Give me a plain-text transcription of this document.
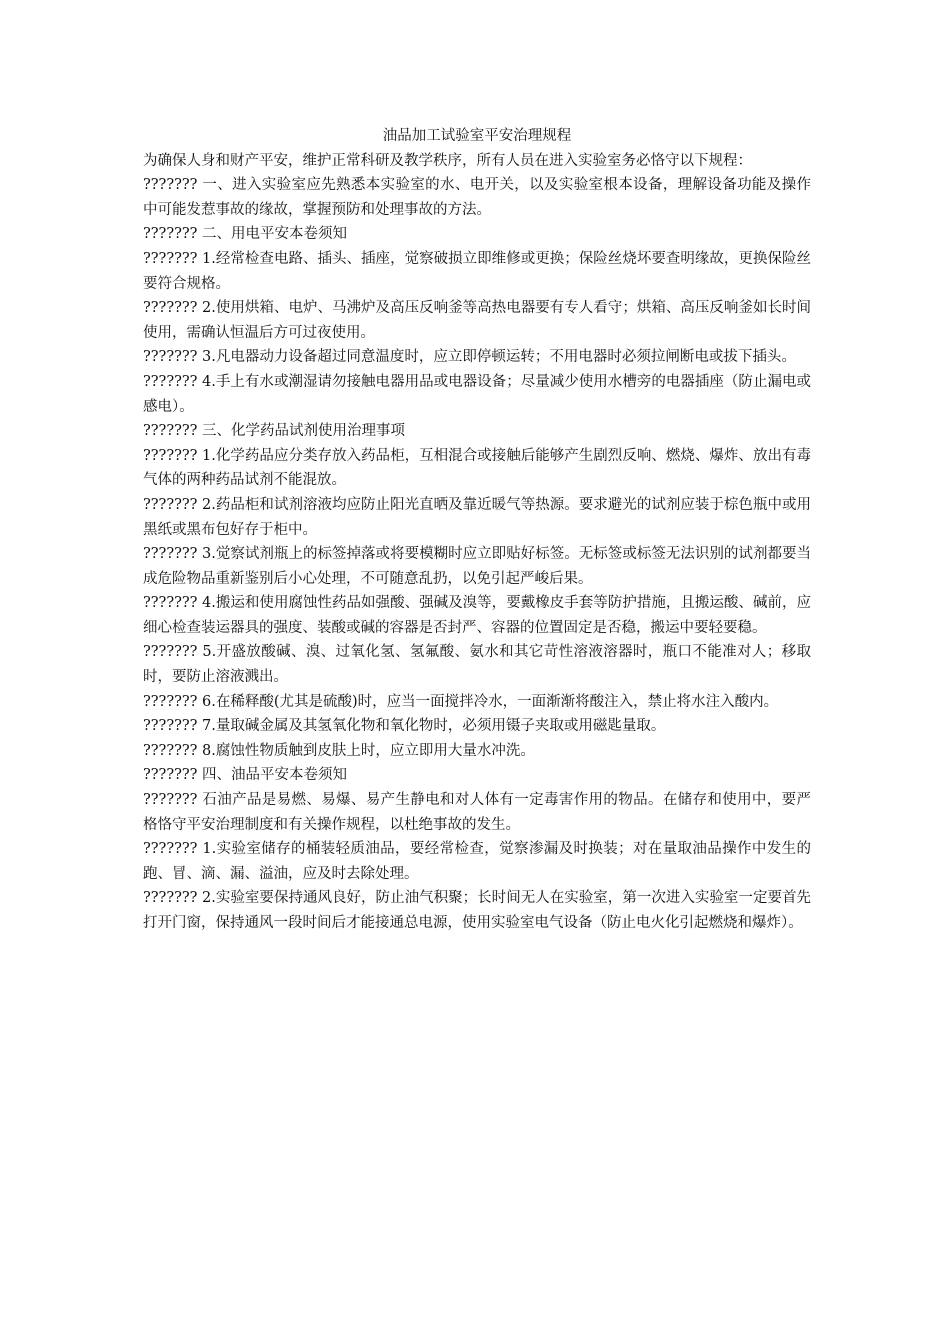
油品加工试验室平安治理规程

为确保人身和财产平安，维护正常科研及教学秩序，所有人员在进入实验室务必恪守以下规程：

??????? 一、进入实验室应先熟悉本实验室的水、电开关，以及实验室根本设备，理解设备功能及操作中可能发惹事故的缘故，掌握预防和处理事故的方法。

??????? 二、用电平安本卷须知

??????? 1.经常检查电路、插头、插座，觉察破损立即维修或更换；保险丝烧坏要查明缘故，更换保险丝要符合规格。

??????? 2.使用烘箱、电炉、马沸炉及高压反响釜等高热电器要有专人看守；烘箱、高压反响釜如长时间使用，需确认恒温后方可过夜使用。

??????? 3.凡电器动力设备超过同意温度时，应立即停顿运转；不用电器时必须拉闸断电或拔下插头。

??????? 4.手上有水或潮湿请勿接触电器用品或电器设备；尽量减少使用水槽旁的电器插座（防止漏电或感电）。

??????? 三、化学药品试剂使用治理事项

??????? 1.化学药品应分类存放入药品柜，互相混合或接触后能够产生剧烈反响、燃烧、爆炸、放出有毒气体的两种药品试剂不能混放。

??????? 2.药品柜和试剂溶液均应防止阳光直晒及靠近暖气等热源。要求避光的试剂应装于棕色瓶中或用黑纸或黑布包好存于柜中。

??????? 3.觉察试剂瓶上的标签掉落或将要模糊时应立即贴好标签。无标签或标签无法识别的试剂都要当成危险物品重新鉴别后小心处理，不可随意乱扔，以免引起严峻后果。

??????? 4.搬运和使用腐蚀性药品如强酸、强碱及溴等，要戴橡皮手套等防护措施，且搬运酸、碱前，应细心检查装运器具的强度、装酸或碱的容器是否封严、容器的位置固定是否稳，搬运中要轻要稳。

??????? 5.开盛放酸碱、溴、过氧化氢、氢氟酸、氨水和其它苛性溶液溶器时，瓶口不能准对人；移取时，要防止溶液溅出。

??????? 6.在稀释酸(尤其是硫酸)时，应当一面搅拌冷水，一面渐渐将酸注入，禁止将水注入酸内。

??????? 7.量取碱金属及其氢氧化物和氧化物时，必须用镊子夹取或用磁匙量取。

??????? 8.腐蚀性物质触到皮肤上时，应立即用大量水冲洗。

??????? 四、油品平安本卷须知

??????? 石油产品是易燃、易爆、易产生静电和对人体有一定毒害作用的物品。在储存和使用中，要严格恪守平安治理制度和有关操作规程，以杜绝事故的发生。

??????? 1.实验室储存的桶装轻质油品，要经常检查，觉察渗漏及时换装；对在量取油品操作中发生的跑、冒、滴、漏、溢油，应及时去除处理。

??????? 2.实验室要保持通风良好，防止油气积聚；长时间无人在实验室，第一次进入实验室一定要首先打开门窗，保持通风一段时间后才能接通总电源，使用实验室电气设备（防止电火化引起燃烧和爆炸）。
